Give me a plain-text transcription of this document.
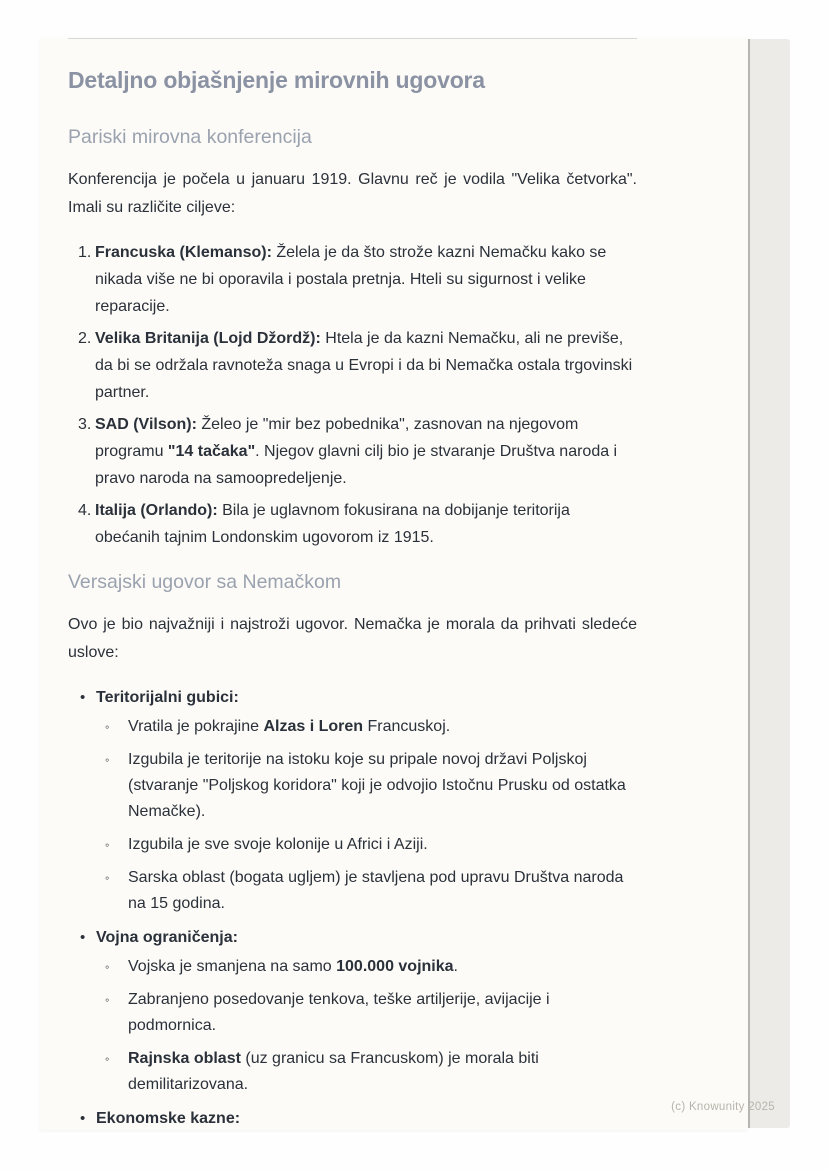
Detaljno objašnjenje mirovnih ugovora
Pariski mirovna konferencija

Konferencija je počela u januaru 1919. Glavnu reč je vodila "Velika četvorka". Imali su različite ciljeve:

1. Francuska (Klemanso): Želela je da što strože kazni Nemačku kako se nikada više ne bi oporavila i postala pretnja. Hteli su sigurnost i velike reparacije.
2. Velika Britanija (Lojd Džordž): Htela je da kazni Nemačku, ali ne previše, da bi se održala ravnoteža snaga u Evropi i da bi Nemačka ostala trgovinski partner.
3. SAD (Vilson): Želeo je "mir bez pobednika", zasnovan na njegovom programu "14 tačaka". Njegov glavni cilj bio je stvaranje Društva naroda i pravo naroda na samoopredeljenje.
4. Italija (Orlando): Bila je uglavnom fokusirana na dobijanje teritorija obećanih tajnim Londonskim ugovorom iz 1915.
Versajski ugovor sa Nemačkom

Ovo je bio najvažniji i najstroži ugovor. Nemačka je morala da prihvati sledeće uslove:

• Teritorijalni gubici:
◦	Vratila je pokrajine Alzas i Loren Francuskoj.
◦	Izgubila je teritorije na istoku koje su pripale novoj državi Poljskoj (stvaranje "Poljskog koridora" koji je odvojio Istočnu Prusku od ostatka Nemačke).
◦	Izgubila je sve svoje kolonije u Africi i Aziji.
◦	Sarska oblast (bogata ugljem) je stavljena pod upravu Društva naroda na 15 godina.
• Vojna ograničenja:
◦	Vojska je smanjena na samo 100.000 vojnika.
◦	Zabranjeno posedovanje tenkova, teške artiljerije, avijacije i podmornica.
◦	Rajnska oblast (uz granicu sa Francuskom) je morala biti demilitarizovana.
• Ekonomske kazne:
(c) Knowunity 2025
